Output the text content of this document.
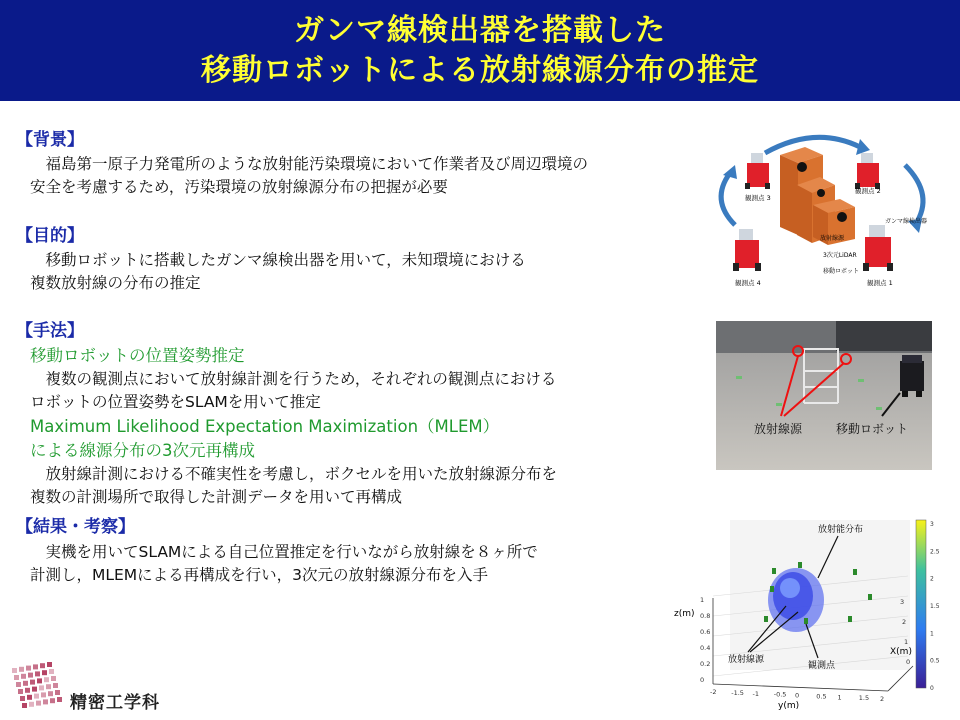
ガンマ線検出器を搭載した
移動ロボットによる放射線源分布の推定
【背景】
　福島第一原子力発電所のような放射能汚染環境において作業者及び周辺環境の
安全を考慮するため，汚染環境の放射線源分布の把握が必要
【目的】
　移動ロボットに搭載したガンマ線検出器を用いて，未知環境における
複数放射線の分布の推定
【手法】
移動ロボットの位置姿勢推定
　複数の観測点において放射線計測を行うため，それぞれの観測点における
ロボットの位置姿勢をSLAMを用いて推定
Maximum Likelihood Expectation Maximization（MLEM）
による線源分布の3次元再構成
　放射線計測における不確実性を考慮し，ボクセルを用いた放射線源分布を
複数の計測場所で取得した計測データを用いて再構成
【結果・考察】
　実機を用いてSLAMによる自己位置推定を行いながら放射線を８ヶ所で
計測し，MLEMによる再構成を行い，3次元の放射線源分布を入手
観測点 3
観測点 2
観測点 4	観測点 1
放射線源
ガンマ線検出器
3次元LiDAR
移動ロボット
放射線源	移動ロボット
放射能分布
放射線源
観測点
z(m)
X(m)
y(m)
-2 -1.5 -1 -0.5 0	0.5 1	1.5 2
1
0.8
0.6
0.4
0.2
0
3
2
1
0
3
2.5
2
1.5
1
0.5
0
精密工学科
